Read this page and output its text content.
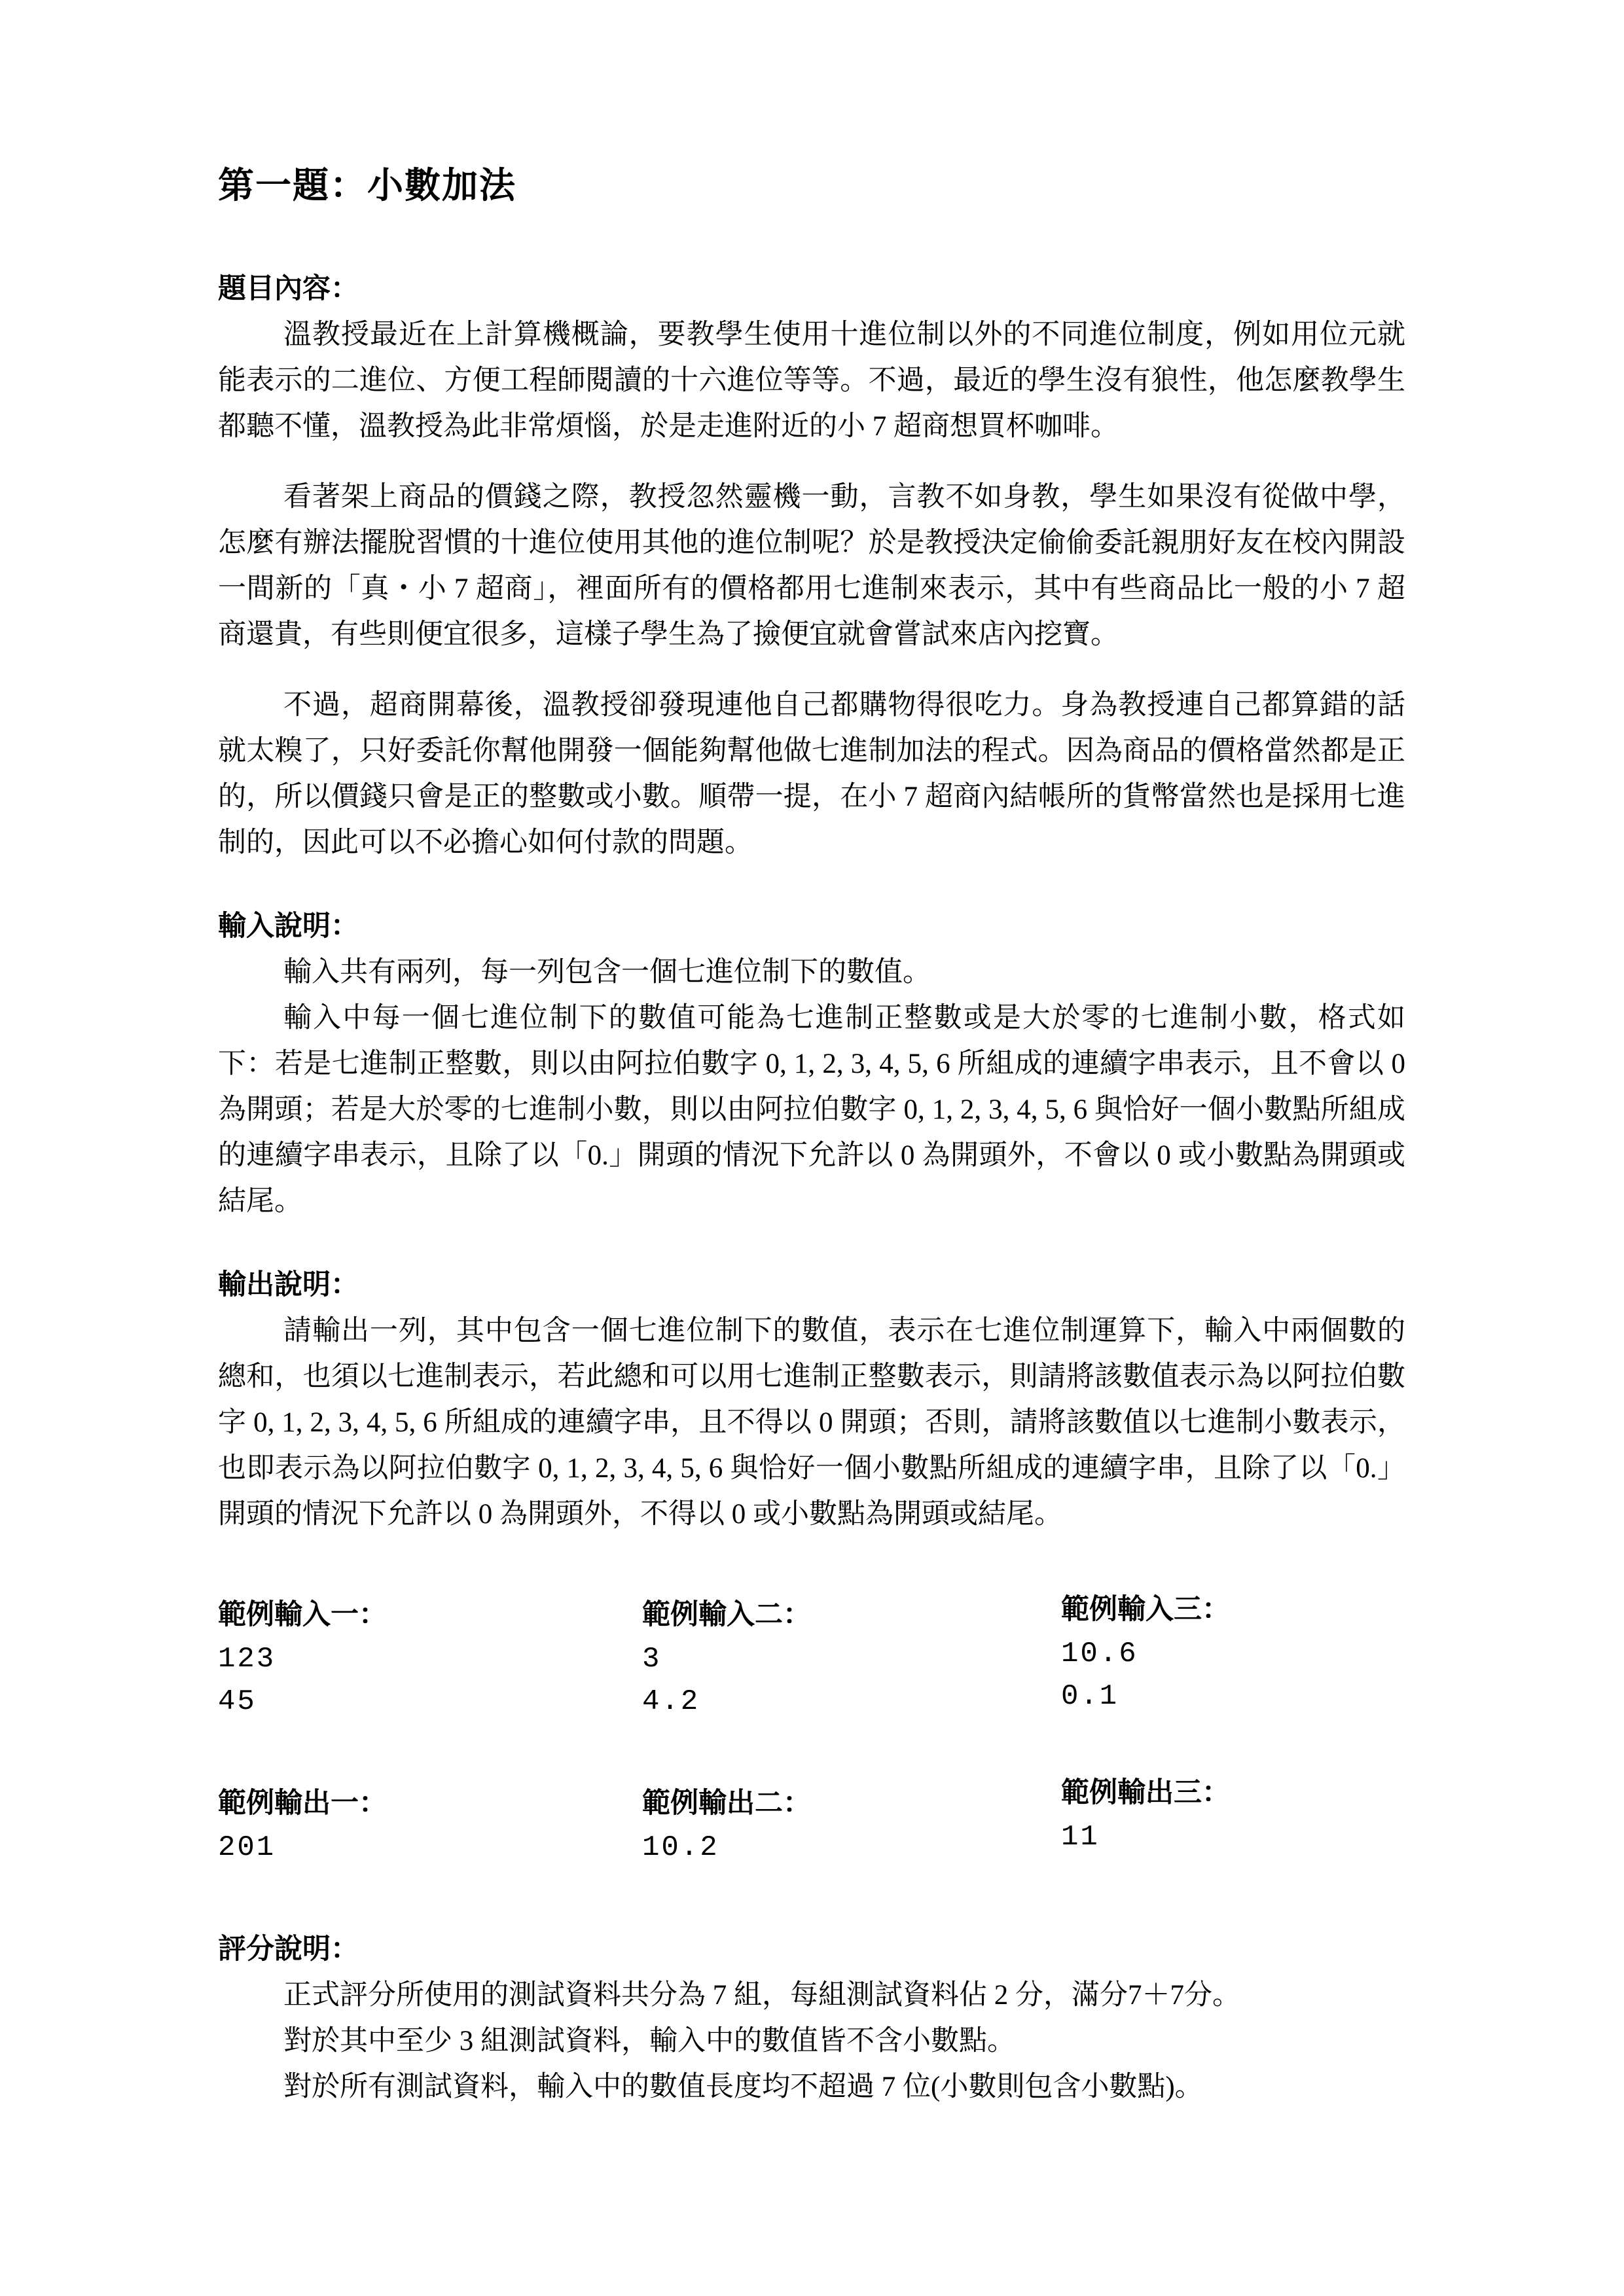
第一題：小數加法
題目內容：

溫教授最近在上計算機概論，要教學生使用十進位制以外的不同進位制度，例如用位元就能表示的二進位、方便工程師閱讀的十六進位等等。不過，最近的學生沒有狼性，他怎麼教學生都聽不懂，溫教授為此非常煩惱，於是走進附近的小 7 超商想買杯咖啡。

看著架上商品的價錢之際，教授忽然靈機一動，言教不如身教，學生如果沒有從做中學，怎麼有辦法擺脫習慣的十進位使用其他的進位制呢？於是教授決定偷偷委託親朋好友在校內開設一間新的「真・小 7 超商」，裡面所有的價格都用七進制來表示，其中有些商品比一般的小 7 超商還貴，有些則便宜很多，這樣子學生為了撿便宜就會嘗試來店內挖寶。

不過，超商開幕後，溫教授卻發現連他自己都購物得很吃力。身為教授連自己都算錯的話就太糗了，只好委託你幫他開發一個能夠幫他做七進制加法的程式。因為商品的價格當然都是正的，所以價錢只會是正的整數或小數。順帶一提，在小 7 超商內結帳所的貨幣當然也是採用七進制的，因此可以不必擔心如何付款的問題。

輸入說明：

輸入共有兩列，每一列包含一個七進位制下的數值。

輸入中每一個七進位制下的數值可能為七進制正整數或是大於零的七進制小數，格式如下：若是七進制正整數，則以由阿拉伯數字 0, 1, 2, 3, 4, 5, 6 所組成的連續字串表示，且不會以 0 為開頭；若是大於零的七進制小數，則以由阿拉伯數字 0, 1, 2, 3, 4, 5, 6 與恰好一個小數點所組成的連續字串表示，且除了以「0.」開頭的情況下允許以 0 為開頭外，不會以 0 或小數點為開頭或結尾。

輸出說明：

請輸出一列，其中包含一個七進位制下的數值，表示在七進位制運算下，輸入中兩個數的總和，也須以七進制表示，若此總和可以用七進制正整數表示，則請將該數值表示為以阿拉伯數字 0, 1, 2, 3, 4, 5, 6 所組成的連續字串，且不得以 0 開頭；否則，請將該數值以七進制小數表示，也即表示為以阿拉伯數字 0, 1, 2, 3, 4, 5, 6 與恰好一個小數點所組成的連續字串，且除了以「0.」開頭的情況下允許以 0 為開頭外，不得以 0 或小數點為開頭或結尾。

範例輸入一：
123
45
範例輸入二：
3
4.2
範例輸入三：
10.6
0.1
範例輸出一：
201
範例輸出二：
10.2
範例輸出三：
11
評分說明：

正式評分所使用的測試資料共分為 7 組，每組測試資料佔 2 分，滿分7＋7分。

對於其中至少 3 組測試資料，輸入中的數值皆不含小數點。

對於所有測試資料，輸入中的數值長度均不超過 7 位(小數則包含小數點)。
